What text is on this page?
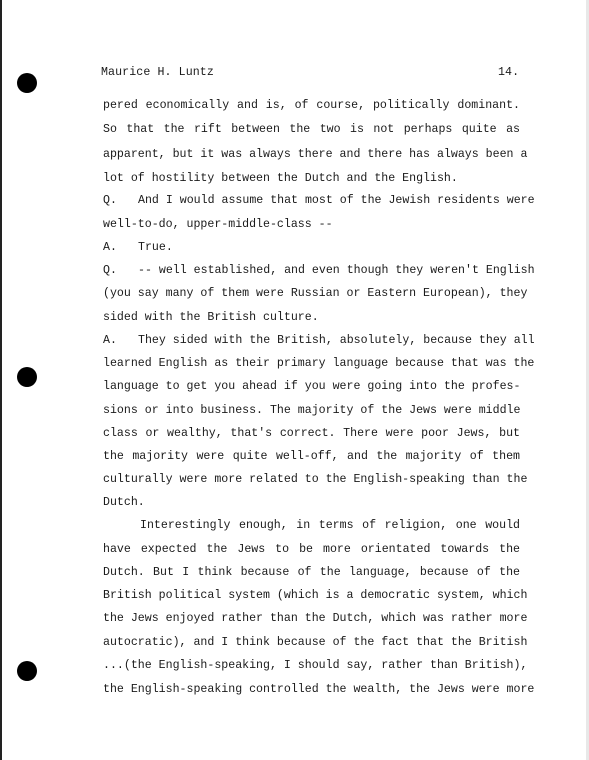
Maurice H. Luntz	14.
pered economically and is, of course, politically dominant.
So that the rift between the two is not perhaps quite as
apparent, but it was always there and there has always been a
lot of hostility between the Dutch and the English.
Q. And I would assume that most of the Jewish residents were
well-to-do, upper-middle-class --
A. True.
Q. -- well established, and even though they weren't English
(you say many of them were Russian or Eastern European), they
sided with the British culture.
A. They sided with the British, absolutely, because they all
learned English as their primary language because that was the
language to get you ahead if you were going into the profes-
sions or into business. The majority of the Jews were middle
class or wealthy, that's correct. There were poor Jews, but
the majority were quite well-off, and the majority of them
culturally were more related to the English-speaking than the
Dutch.
Interestingly enough, in terms of religion, one would
have expected the Jews to be more orientated towards the
Dutch. But I think because of the language, because of the
British political system (which is a democratic system, which
the Jews enjoyed rather than the Dutch, which was rather more
autocratic), and I think because of the fact that the British
...(the English-speaking, I should say, rather than British),
the English-speaking controlled the wealth, the Jews were more
